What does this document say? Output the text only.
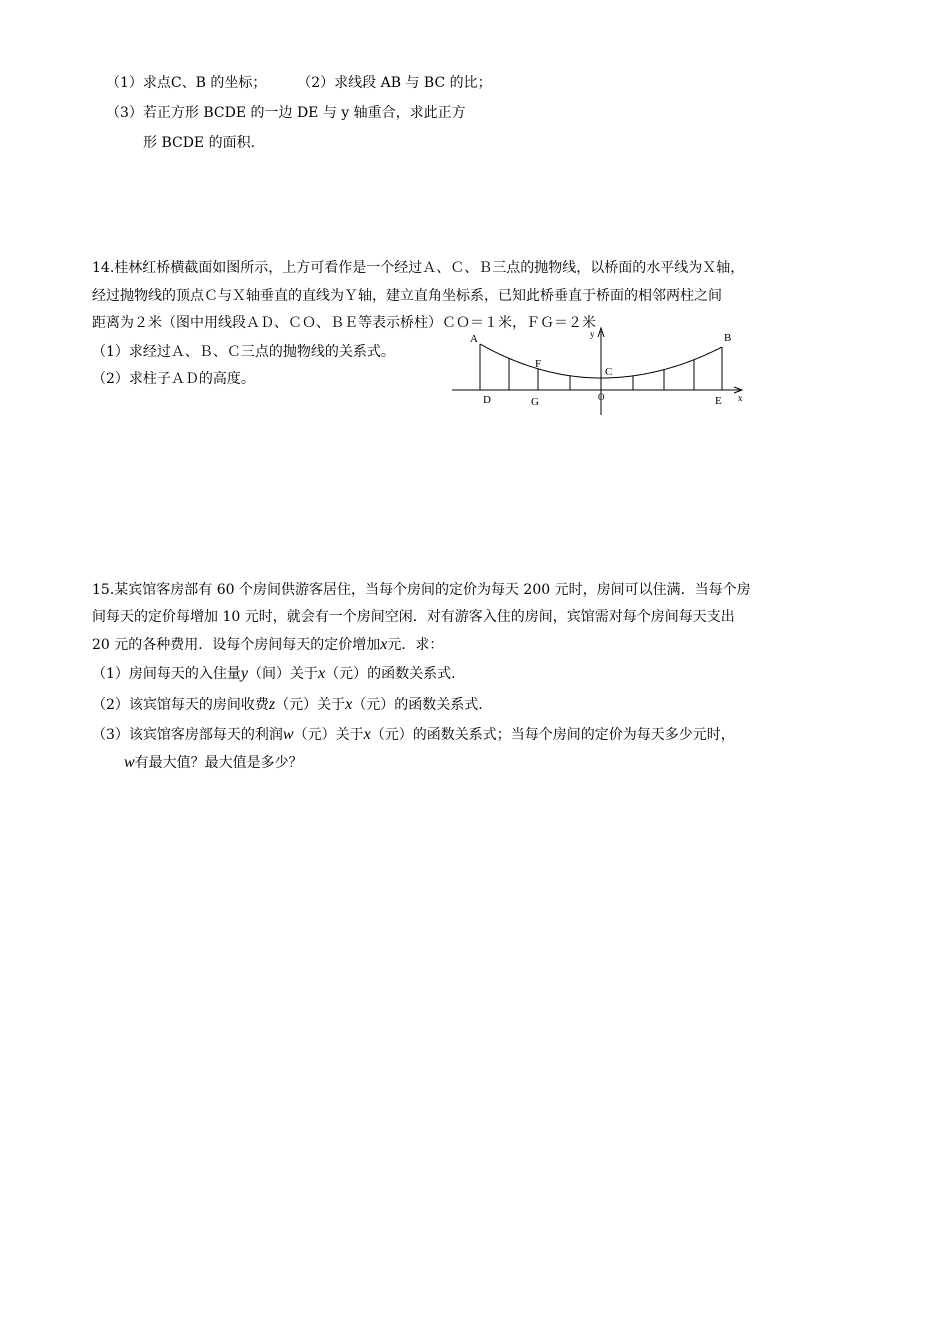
（1）求点C、B 的坐标； （2）求线段 AB 与 BC 的比；
（3）若正方形 BCDE 的一边 DE 与 y 轴重合，求此正方
形 BCDE 的面积.
14.桂林红桥横截面如图所示，上方可看作是一个经过Ａ、Ｃ、Ｂ三点的抛物线，以桥面的水平线为Ｘ轴，
经过抛物线的顶点Ｃ与Ｘ轴垂直的直线为Ｙ轴，建立直角坐标系，已知此桥垂直于桥面的相邻两柱之间
距离为２米（图中用线段ＡＤ、ＣＯ、ＢＥ等表示桥柱）ＣＯ＝１米，ＦＧ＝２米
（1）求经过Ａ、Ｂ、Ｃ三点的抛物线的关系式。
（2）求柱子ＡＤ的高度。
A	B
C
D	E
F
G	O	x
y
15.某宾馆客房部有 60 个房间供游客居住，当每个房间的定价为每天 200 元时，房间可以住满．当每个房
间每天的定价每增加 10 元时，就会有一个房间空闲．对有游客入住的房间，宾馆需对每个房间每天支出
20 元的各种费用．设每个房间每天的定价增加x元．求：
（1）房间每天的入住量y（间）关于x（元）的函数关系式.
（2）该宾馆每天的房间收费z（元）关于x（元）的函数关系式.
（3）该宾馆客房部每天的利润w（元）关于x（元）的函数关系式；当每个房间的定价为每天多少元时，
w有最大值？最大值是多少？
